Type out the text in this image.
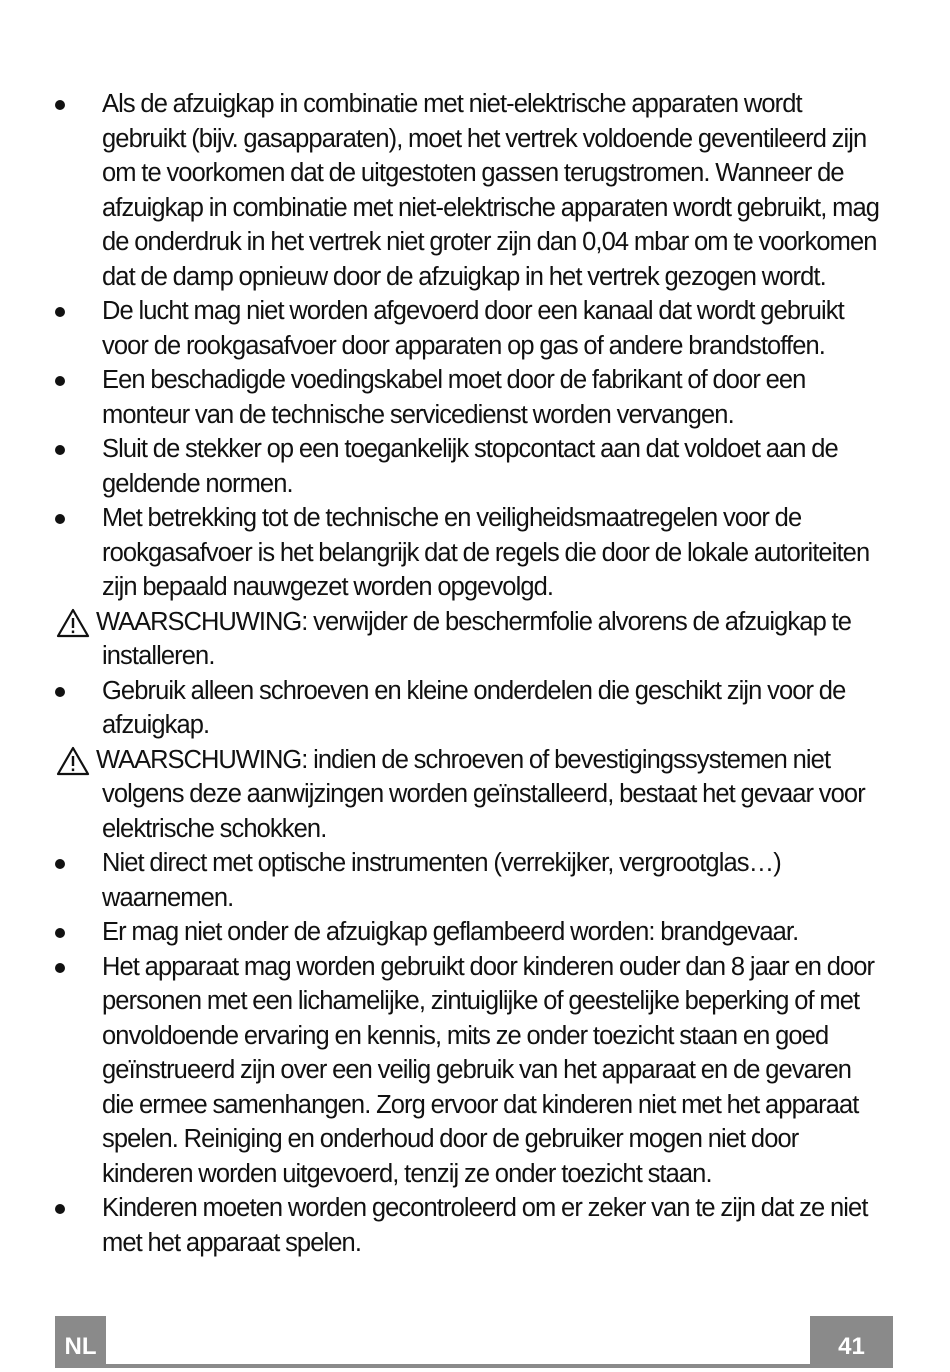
Als de afzuigkap in combinatie met niet-elektrische apparaten wordt gebruikt (bijv. gasapparaten), moet het vertrek voldoende geventileerd zijn om te voorkomen dat de uitgestoten gassen terugstromen. Wanneer de afzuigkap in combinatie met niet-elektrische apparaten wordt gebruikt, mag de onderdruk in het vertrek niet groter zijn dan 0,04 mbar om te voorkomen dat de damp opnieuw door de afzuigkap in het vertrek gezogen wordt.
De lucht mag niet worden afgevoerd door een kanaal dat wordt gebruikt voor de rookgasafvoer door apparaten op gas of andere brandstoffen.
Een beschadigde voedingskabel moet door de fabrikant of door een monteur van de technische servicedienst worden vervangen.
Sluit de stekker op een toegankelijk stopcontact aan dat voldoet aan de geldende normen.
Met betrekking tot de technische en veiligheidsmaatregelen voor de rookgasafvoer is het belangrijk dat de regels die door de lokale autoriteiten zijn bepaald nauwgezet worden opgevolgd.
WAARSCHUWING: verwijder de beschermfolie alvorens de afzuigkap te installeren.
Gebruik alleen schroeven en kleine onderdelen die geschikt zijn voor de afzuigkap.
WAARSCHUWING: indien de schroeven of bevestigingssystemen niet volgens deze aanwijzingen worden geïnstalleerd, bestaat het gevaar voor elektrische schokken.
Niet direct met optische instrumenten (verrekijker, vergrootglas…) waarnemen.
Er mag niet onder de afzuigkap geflambeerd worden: brandgevaar.
Het apparaat mag worden gebruikt door kinderen ouder dan 8 jaar en door personen met een lichamelijke, zintuiglijke of geestelijke beperking of met onvoldoende ervaring en kennis, mits ze onder toezicht staan en goed geïnstrueerd zijn over een veilig gebruik van het apparaat en de gevaren die ermee samenhangen. Zorg ervoor dat kinderen niet met het apparaat spelen. Reiniging en onderhoud door de gebruiker mogen niet door kinderen worden uitgevoerd, tenzij ze onder toezicht staan.
Kinderen moeten worden gecontroleerd om er zeker van te zijn dat ze niet met het apparaat spelen.
NL	41
